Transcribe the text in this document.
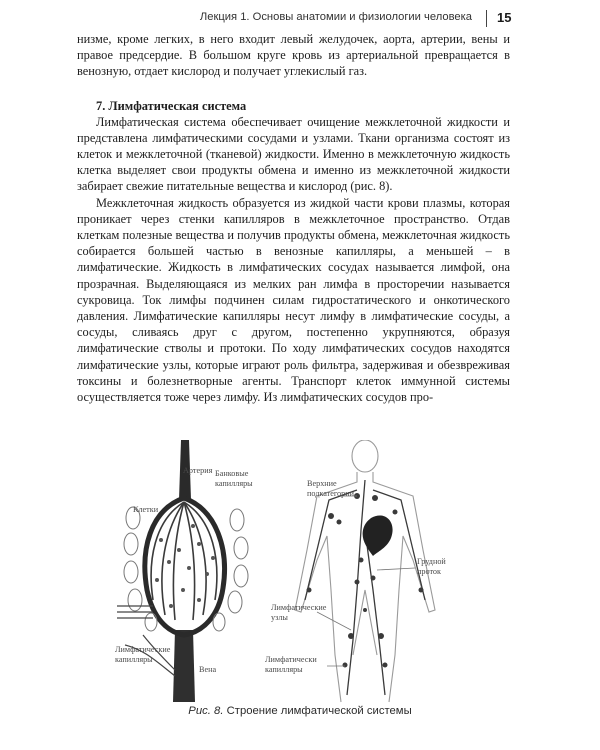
Лекция 1. Основы анатомии и физиологии человека 15

низме, кроме легких, в него входит левый желудочек, аорта, артерии, вены и правое предсердие. В большом круге кровь из артериальной превращается в венозную, отдает кислород и получает углекислый газ.

7. Лимфатическая система

Лимфатическая система обеспечивает очищение межклеточной жидкости и представлена лимфатическими сосудами и узлами. Ткани организма состоят из клеток и межклеточной (тканевой) жидкости. Именно в межклеточную жидкость клетка выделяет свои продукты обмена и именно из межклеточной жидкости забирает свежие питательные вещества и кислород (рис. 8).

Межклеточная жидкость образуется из жидкой части крови плазмы, которая проникает через стенки капилляров в межклеточное пространство. Отдав клеткам полезные вещества и получив продукты обмена, межклеточная жидкость собирается большей частью в венозные капилляры, а меньшей – в лимфатические. Жидкость в лимфатических сосудах называется лимфой, она прозрачная. Выделяющаяся из мелких ран лимфа в просторечии называется сукровица. Ток лимфы подчинен силам гидростатического и онкотического давления. Лимфатические капилляры несут лимфу в лимфатические сосуды, а сосуды, сливаясь друг с другом, постепенно укрупняются, образуя лимфатические стволы и протоки. По ходу лимфатических сосудов находятся лимфатические узлы, которые играют роль фильтра, задерживая и обезвреживая токсины и болезнетворные агенты. Транспорт клеток иммунной системы осуществляется тоже через лимфу. Из лимфатических сосудов про-

Артерия
Клетки
Банковые
капилляры
Лимфатические
капилляры
Вена
Верхние
подкатегории
Грудной
проток
Лимфатические
узлы
Лимфатически
капилляры
Рис. 8. Строение лимфатической системы
